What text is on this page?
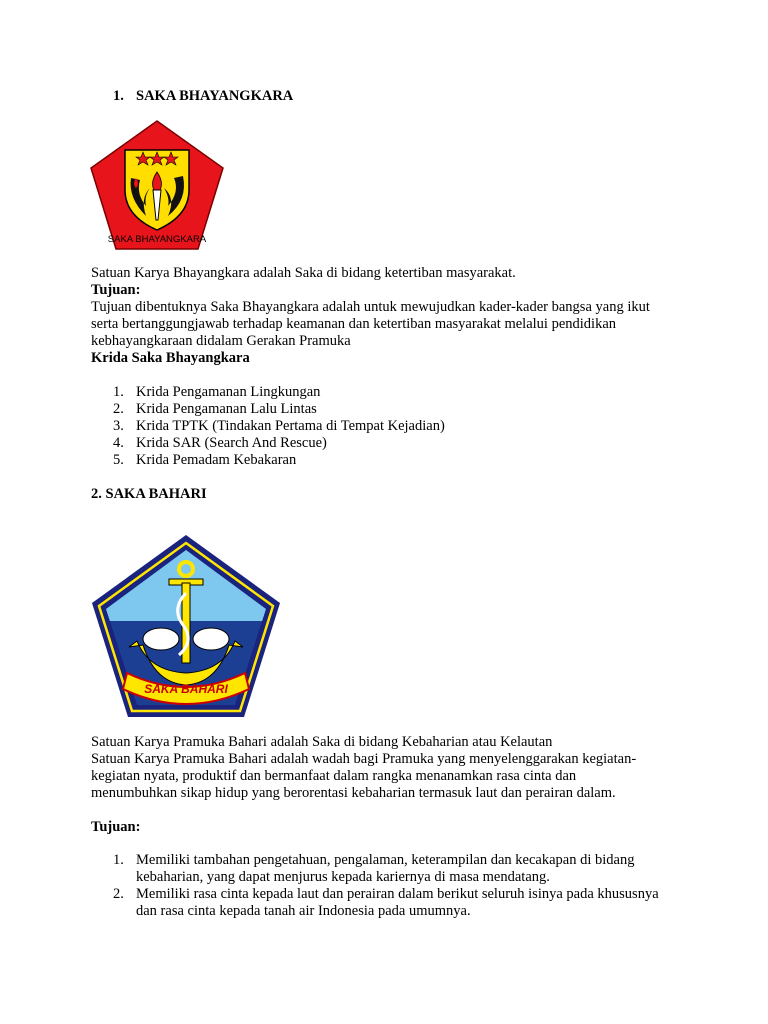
1. SAKA BHAYANGKARA
SAKA BHAYANGKARA
Satuan Karya Bhayangkara adalah Saka di bidang ketertiban masyarakat.
Tujuan:
Tujuan dibentuknya Saka Bhayangkara adalah untuk mewujudkan kader-kader bangsa yang ikut
serta bertanggungjawab terhadap keamanan dan ketertiban masyarakat melalui pendidikan
kebhayangkaraan didalam Gerakan Pramuka
Krida Saka Bhayangkara
1. Krida Pengamanan Lingkungan
2. Krida Pengamanan Lalu Lintas
3. Krida TPTK (Tindakan Pertama di Tempat Kejadian)
4. Krida SAR (Search And Rescue)
5. Krida Pemadam Kebakaran
2. SAKA BAHARI
SAKA BAHARI
Satuan Karya Pramuka Bahari adalah Saka di bidang Kebaharian atau Kelautan
Satuan Karya Pramuka Bahari adalah wadah bagi Pramuka yang menyelenggarakan kegiatan-
kegiatan nyata, produktif dan bermanfaat dalam rangka menanamkan rasa cinta dan
menumbuhkan sikap hidup yang berorentasi kebaharian termasuk laut dan perairan dalam.
Tujuan:
1. Memiliki tambahan pengetahuan, pengalaman, keterampilan dan kecakapan di bidang
kebaharian, yang dapat menjurus kepada kariernya di masa mendatang.
2. Memiliki rasa cinta kepada laut dan perairan dalam berikut seluruh isinya pada khususnya
dan rasa cinta kepada tanah air Indonesia pada umumnya.
